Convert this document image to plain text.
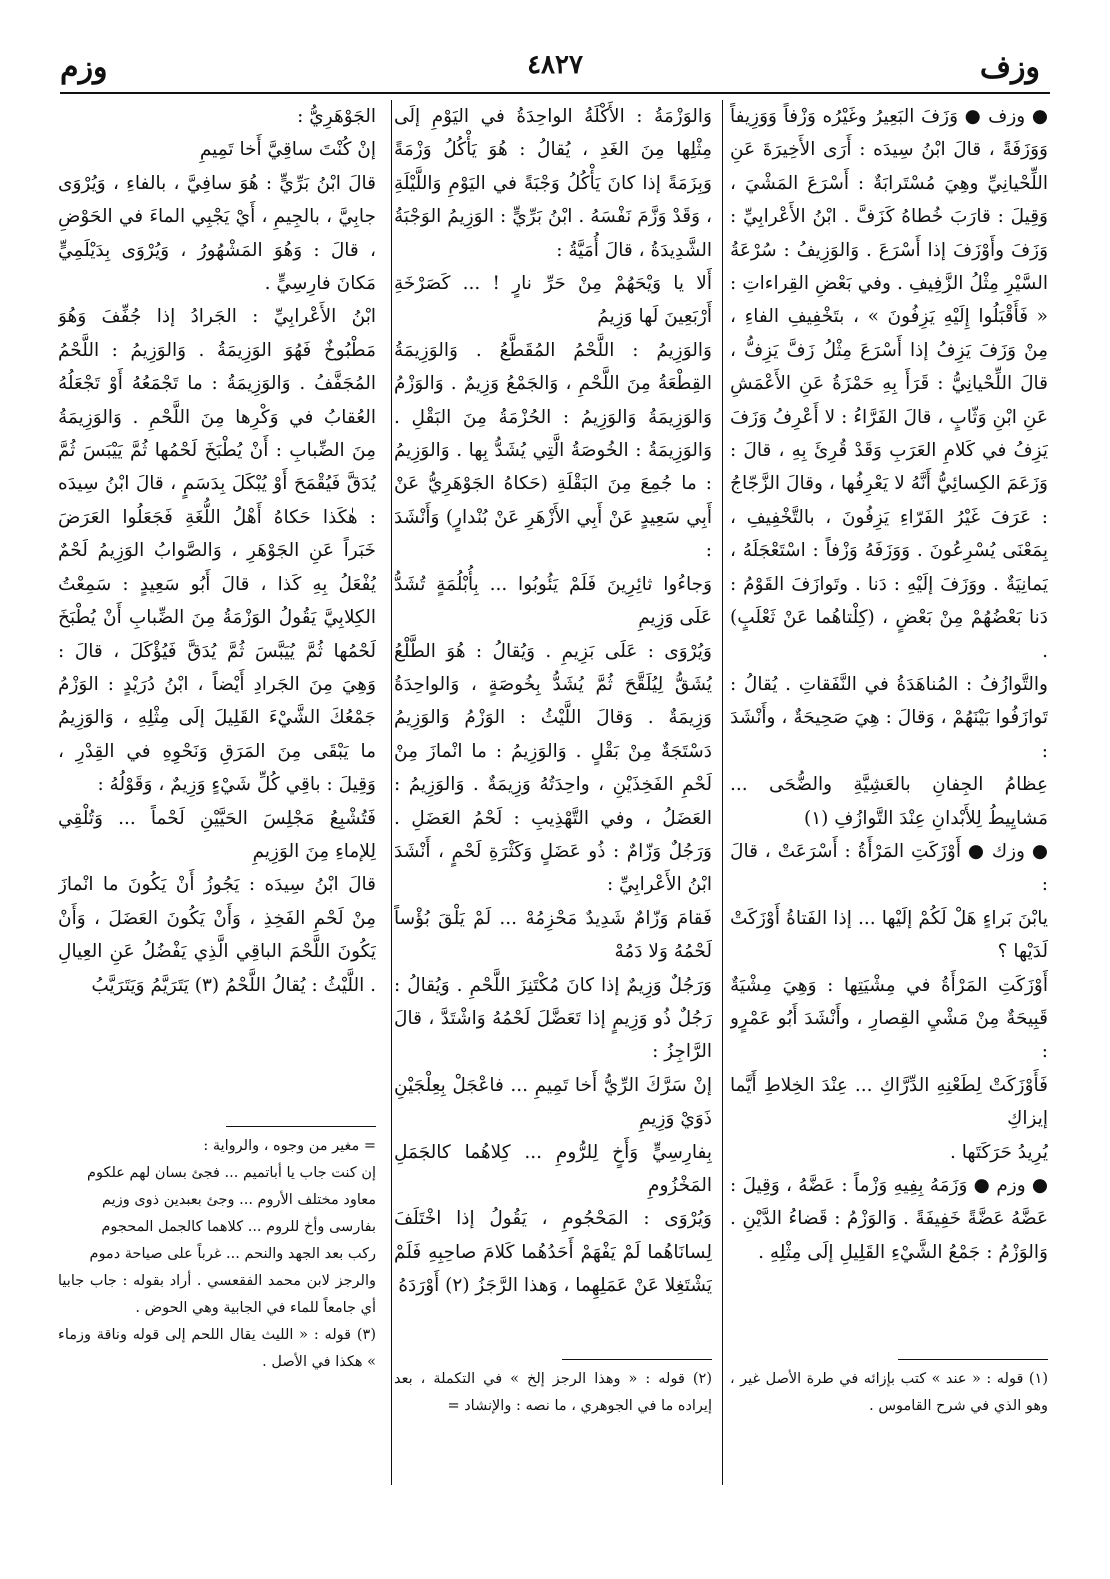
وزف
٤٨٢٧
وزم
● وزف ● وَزَفَ البَعِيرُ وغَيْرُه وَزْفاً وَوَزِيفاً وَوَزَفَةً ، قالَ ابْنُ سِيدَه : أَرَى الأَخِيرَةَ عَنِ اللِّحْيانِيِّ وهِيَ مُسْتَرابَةٌ : أَسْرَعَ المَشْيَ ، وَقِيلَ : قارَبَ خُطاهُ كَزَفَّ . ابْنُ الأَعْرابِيِّ : وَزَفَ وأَوْزَفَ إذا أَسْرَعَ . وَالوَزِيفُ : سُرْعَةُ السَّيْرِ مِثْلُ الزَّفِيفِ . وفي بَعْضِ القِراءاتِ : « فَأَقْبَلُوا إِلَيْهِ يَزِفُونَ » ، بتَخْفِيفِ الفاءِ ، مِنْ وَزَفَ يَزِفُ إذا أَسْرَعَ مِثْلُ زَفَّ يَزِفُّ ، قالَ اللِّحْيانِيُّ : قَرَأَ بِهِ حَمْزَةُ عَنِ الأَعْمَشِ عَنِ ابْنِ وَثّابٍ ، قالَ الفَرَّاءُ : لا أَعْرِفُ وَزَفَ يَزِفُ في كَلامِ العَرَبِ وَقَدْ قُرِئَ بِهِ ، قالَ : وَزَعَمَ الكِسائِيُّ أَنَّهُ لا يَعْرِفُها ، وقالَ الزَّجّاجُ : عَرَفَ غَيْرُ الفَرّاءِ يَزِفُونَ ، بالتَّخْفِيفِ ، بِمَعْنَى يُسْرِعُونَ . وَوَزَفَهُ وَزْفاً : اسْتَعْجَلَهُ ، يَمانِيَةٌ . ووَزَفَ إلَيْهِ : دَنا . وتَوازَفَ القَوْمُ : دَنا بَعْضُهُمْ مِنْ بَعْضٍ ، (كِلْتاهُما عَنْ ثَعْلَبٍ) .
والتَّوازُفُ : المُناهَدَةُ في النَّفَقاتِ . يُقالُ : تَوازَفُوا بَيْنَهُمْ ، وَقالَ : هِيَ صَحِيحَةٌ ، وأَنْشَدَ :
عِظامُ الجِفانِ بالعَشِيَّةِ والضُّحَى ... مَشايِيطُ لِلأَبْدانِ عِنْدَ التَّوازُفِ (١)
● وزك ● أَوْزَكَتِ المَرْأَةُ : أَسْرَعَتْ ، قالَ :
يابْنَ بَراءٍ هَلْ لَكُمْ إلَيْها ... إذا الفَتاةُ أَوْزَكَتْ لَدَيْها ؟
أَوْزَكَتِ المَرْأَةُ في مِشْيَتِها : وَهِيَ مِشْيَةٌ قَبِيحَةٌ مِنْ مَشْيِ القِصارِ ، وأَنْشَدَ أَبُو عَمْرٍو :
فَأَوْزَكَتْ لِطَعْنِهِ الدِّرَّاكِ ... عِنْدَ الخِلاطِ أَيَّما إيزاكِ
يُرِيدُ حَرَكَتَها .
● وزم ● وَزَمَهُ بِفِيهِ وَزْماً : عَضَّهُ ، وَقِيلَ : عَضَّهُ عَضَّةً خَفِيفَةً . وَالوَزْمُ : قَضاءُ الدَّيْنِ . وَالوَزْمُ : جَمْعُ الشَّيْءِ القَلِيلِ إلَى مِثْلِهِ .
(١) قوله : « عند » كتب بإزائه في طرة الأصل غير ، وهو الذي في شرح القاموس .
وَالوَزْمَةُ : الأَكْلَةُ الواحِدَةُ في اليَوْمِ إلَى مِثْلِها مِنَ الغَدِ ، يُقالُ : هُوَ يَأْكُلُ وَزْمَةً وَبِزَمَةً إذا كانَ يَأْكُلُ وَجْبَةً في اليَوْمِ وَاللَّيْلَةِ ، وَقَدْ وَزَّمَ نَفْسَهُ . ابْنُ بَرِّيٍّ : الوَزِيمُ الوَجْبَةُ الشَّدِيدَةُ ، قالَ أُمَيَّةُ :
أَلا يا وَيْحَهُمْ مِنْ حَرِّ نارٍ ! ... كَصَرْخَةِ أَرْبَعِينَ لَها وَزِيمُ
وَالوَزِيمُ : اللَّحْمُ المُقَطَّعُ . وَالوَزِيمَةُ القِطْعَةُ مِنَ اللَّحْمِ ، وَالجَمْعُ وَزِيمٌ . وَالوَزْمُ وَالوَزِيمَةُ وَالوَزِيمُ : الحُزْمَةُ مِنَ البَقْلِ . وَالوَزِيمَةُ : الخُوصَةُ الَّتِي يُشَدُّ بِها . وَالوَزِيمُ : ما جُمِعَ مِنَ البَقْلَةِ (حَكاهُ الجَوْهَرِيُّ عَنْ أَبِي سَعِيدٍ عَنْ أَبِي الأَزْهَرِ عَنْ بُنْدارٍ) وَأَنْشَدَ :
وَجاءُوا ثائِرِينَ فَلَمْ يَئُوبُوا ... بِأُبْلُمَةٍ تُشَدُّ عَلَى وَزِيمِ
وَيُرْوَى : عَلَى بَزِيمِ . وَيُقالُ : هُوَ الطَّلْعُ يُشَقُّ لِيُلَقَّحَ ثُمَّ يُشَدُّ بِخُوصَةٍ ، وَالواحِدَةُ وَزِيمَةٌ . وَقالَ اللَّيْثُ : الوَزْمُ وَالوَزِيمُ دَسْتَجَةٌ مِنْ بَقْلٍ . وَالوَزِيمُ : ما انْمازَ مِنْ لَحْمِ الفَخِذَيْنِ ، واحِدَتُهُ وَزِيمَةٌ . وَالوَزِيمُ : العَضَلُ ، وفي التَّهْذِيبِ : لَحْمُ العَضَلِ . وَرَجُلٌ وَزّامٌ : ذُو عَضَلٍ وَكَثْرَةِ لَحْمٍ ، أَنْشَدَ ابْنُ الأَعْرابِيِّ :
فَقامَ وَزّامٌ شَدِيدٌ مَحْزِمُهْ ... لَمْ يَلْقَ بُؤْساً لَحْمُهُ وَلا دَمُهْ
وَرَجُلٌ وَزِيمٌ إذا كانَ مُكْتَنِزَ اللَّحْمِ . وَيُقالُ : رَجُلٌ ذُو وَزِيمٍ إذا تَعَضَّلَ لَحْمُهُ وَاشْتَدَّ ، قالَ الرَّاجِزُ :
إنْ سَرَّكَ الرِّيُّ أَخا تَمِيمِ ... فاعْجَلْ بِعِلْجَيْنِ ذَوَيْ وَزِيمِ
بِفارِسِيٍّ وَأَخٍ لِلرُّومِ ... كِلاهُما كالجَمَلِ المَخْزُومِ
وَيُرْوَى : المَحْجُومِ ، يَقُولُ إذا اخْتَلَفَ لِسانَاهُما لَمْ يَفْهَمْ أَحَدُهُما كَلامَ صاحِبِهِ فَلَمْ يَشْتَغِلا عَنْ عَمَلِهِما ، وَهذا الرَّجَزُ (٢) أَوْرَدَهُ
(٢) قوله : « وهذا الرجز إلخ » في التكملة ، بعد إيراده ما في الجوهري ، ما نصه : والإنشاد =
الجَوْهَرِيُّ :
إنْ كُنْتَ ساقِيَّ أَخا تَمِيمِ
قالَ ابْنُ بَرِّيٍّ : هُوَ سافِيَّ ، بالفاءِ ، وَيُرْوَى جابِيَّ ، بالجِيمِ ، أَيْ يَجْبِي الماءَ في الحَوْضِ ، قالَ : وَهُوَ المَشْهُورُ ، وَيُرْوَى بِدَيْلَمِيٍّ مَكانَ فارِسِيٍّ .
ابْنُ الأَعْرابِيِّ : الجَرادُ إذا جُفِّفَ وَهُوَ مَطْبُوخٌ فَهُوَ الوَزِيمَةُ . وَالوَزِيمُ : اللَّحْمُ المُجَفَّفُ . وَالوَزِيمَةُ : ما تَجْمَعُهُ أَوْ تَجْعَلُهُ العُقابُ في وَكْرِها مِنَ اللَّحْمِ . وَالوَزِيمَةُ مِنَ الضِّبابِ : أَنْ يُطْبَخَ لَحْمُها ثُمَّ يَيْبَسَ ثُمَّ يُدَقَّ فَيُقْمَحَ أَوْ يُبْكَلَ بِدَسَمٍ ، قالَ ابْنُ سِيدَه : هٰكَذا حَكاهُ أَهْلُ اللُّغَةِ فَجَعَلُوا العَرَضَ خَبَراً عَنِ الجَوْهَرِ ، وَالصَّوابُ الوَزِيمُ لَحْمٌ يُفْعَلُ بِهِ كَذا ، قالَ أَبُو سَعِيدٍ : سَمِعْتُ الكِلابِيَّ يَقُولُ الوَزْمَةُ مِنَ الضِّبابِ أَنْ يُطْبَخَ لَحْمُها ثُمَّ يُيَبَّسَ ثُمَّ يُدَقَّ فَيُؤْكَلَ ، قالَ : وَهِيَ مِنَ الجَرادِ أَيْضاً ، ابْنُ دُرَيْدٍ : الوَزْمُ جَمْعُكَ الشَّيْءَ القَلِيلَ إلَى مِثْلِهِ ، وَالوَزِيمُ ما يَبْقَى مِنَ المَرَقِ وَنَحْوِهِ في القِدْرِ ، وَقِيلَ : باقِي كُلِّ شَيْءٍ وَزِيمٌ ، وَقَوْلُهُ :
فَتُشْبِعُ مَجْلِسَ الحَيَّيْنِ لَحْماً ... وَتُلْقِي لِلإماءِ مِنَ الوَزِيمِ
قالَ ابْنُ سِيدَه : يَجُوزُ أَنْ يَكُونَ ما انْمازَ مِنْ لَحْمِ الفَخِذِ ، وَأَنْ يَكُونَ العَضَلَ ، وَأَنْ يَكُونَ اللَّحْمَ الباقِي الَّذِي يَفْضُلُ عَنِ العِيالِ . اللَّيْثُ : يُقالُ اللَّحْمُ (٣) يَتَرَيَّمُ وَيَتَرَيَّبُ
= مغير من وجوه ، والرواية :
إن كنت جاب يا أباتميم ... فجئ بسان لهم علكوم
معاود مختلف الأروم ... وجئ بعبدين ذوى وزيم
بفارسى وأخ للروم ... كلاهما كالجمل المحجوم
ركب بعد الجهد والنحم ... غرباً على صياحة دموم
والرجز لابن محمد الفقعسي . أراد بقوله : جاب جابيا أي جامعاً للماء في الجابية وهي الحوض .
(٣) قوله : « الليث يقال اللحم إلى قوله وناقة وزماء » هكذا في الأصل .
